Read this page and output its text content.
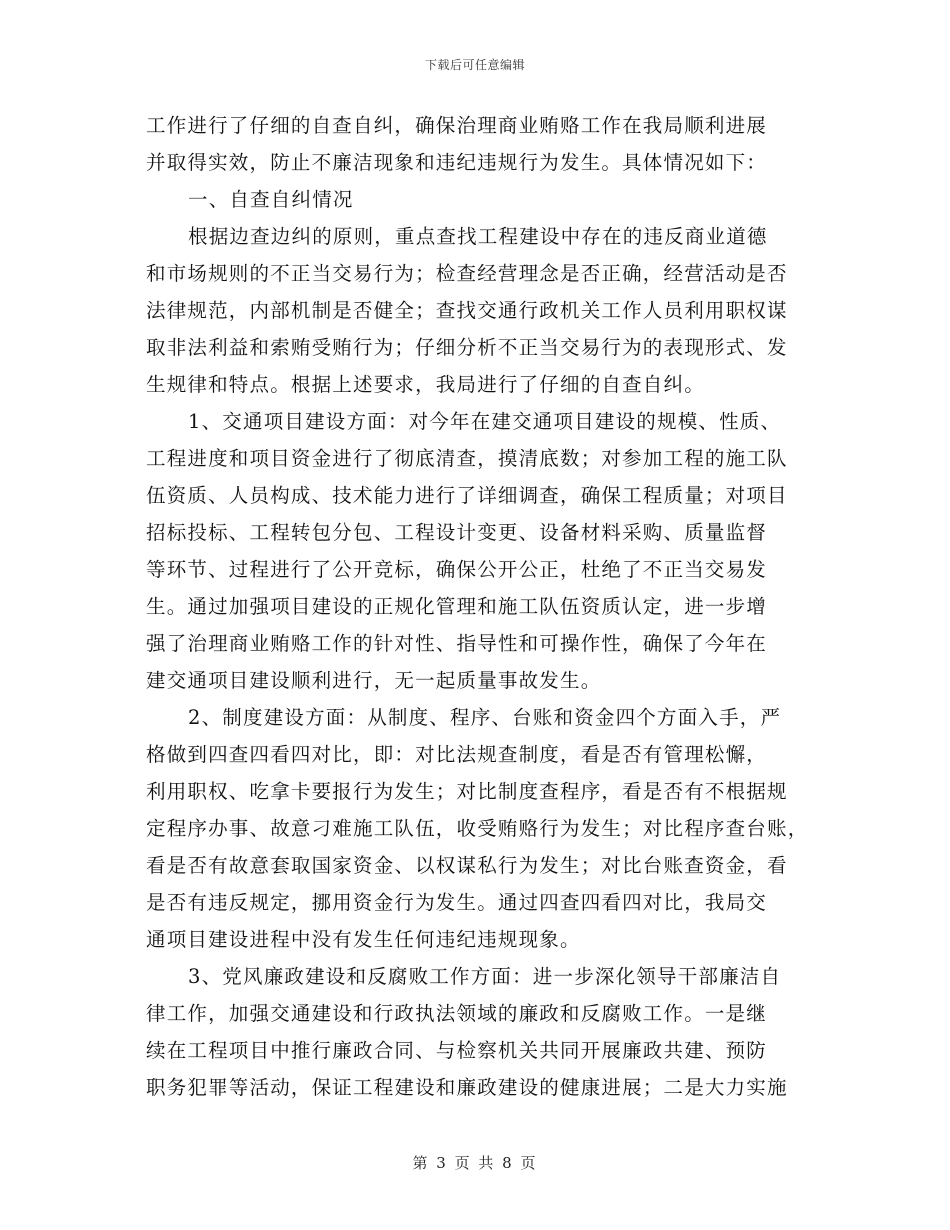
下载后可任意编辑
工作进行了仔细的自查自纠，确保治理商业贿赂工作在我局顺利进展
并取得实效，防止不廉洁现象和违纪违规行为发生。具体情况如下：
一、自查自纠情况
根据边查边纠的原则，重点查找工程建设中存在的违反商业道德
和市场规则的不正当交易行为；检查经营理念是否正确，经营活动是否
法律规范，内部机制是否健全；查找交通行政机关工作人员利用职权谋
取非法利益和索贿受贿行为；仔细分析不正当交易行为的表现形式、发
生规律和特点。根据上述要求，我局进行了仔细的自查自纠。
1、交通项目建设方面：对今年在建交通项目建设的规模、性质、
工程进度和项目资金进行了彻底清查，摸清底数；对参加工程的施工队
伍资质、人员构成、技术能力进行了详细调查，确保工程质量；对项目
招标投标、工程转包分包、工程设计变更、设备材料采购、质量监督
等环节、过程进行了公开竞标，确保公开公正，杜绝了不正当交易发
生。通过加强项目建设的正规化管理和施工队伍资质认定，进一步增
强了治理商业贿赂工作的针对性、指导性和可操作性，确保了今年在
建交通项目建设顺利进行，无一起质量事故发生。
2、制度建设方面：从制度、程序、台账和资金四个方面入手，严
格做到四查四看四对比，即：对比法规查制度，看是否有管理松懈，
利用职权、吃拿卡要报行为发生；对比制度查程序，看是否有不根据规
定程序办事、故意刁难施工队伍，收受贿赂行为发生；对比程序查台账，
看是否有故意套取国家资金、以权谋私行为发生；对比台账查资金，看
是否有违反规定，挪用资金行为发生。通过四查四看四对比，我局交
通项目建设进程中没有发生任何违纪违规现象。
3、党风廉政建设和反腐败工作方面：进一步深化领导干部廉洁自
律工作，加强交通建设和行政执法领域的廉政和反腐败工作。一是继
续在工程项目中推行廉政合同、与检察机关共同开展廉政共建、预防
职务犯罪等活动，保证工程建设和廉政建设的健康进展；二是大力实施
第 3 页 共 8 页
